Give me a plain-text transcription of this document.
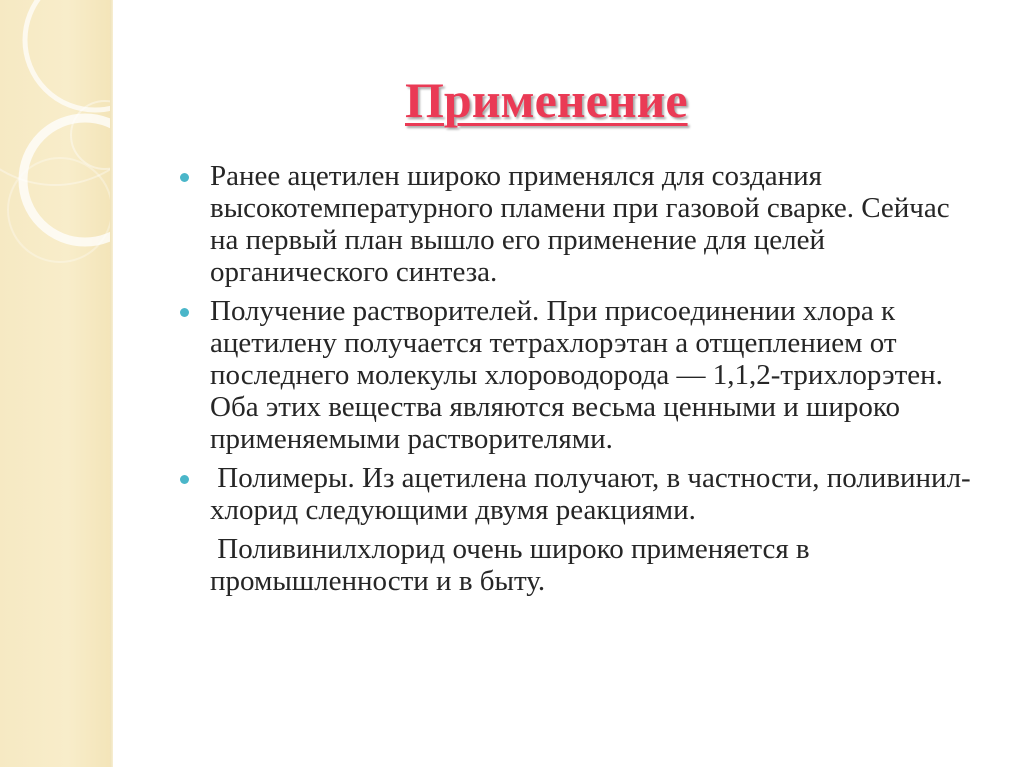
Применение
Ранее ацетилен широко применялся для создания высокотемпературного пламени при газовой сварке. Сейчас на первый план вышло его применение для целей органического синтеза.
Получение растворителей. При присоединении хлора к ацетилену получается тетрахлорэтан а отщеплением от последнего молекулы хлороводорода — 1,1,2-трихлорэтен. Оба этих вещества являются весьма ценными и широко применяемыми растворителями.
Полимеры. Из ацетилена получают, в частности, поливинил-хлорид следующими двумя реакциями.
Поливинилхлорид очень широко применяется в промышленности и в быту.
